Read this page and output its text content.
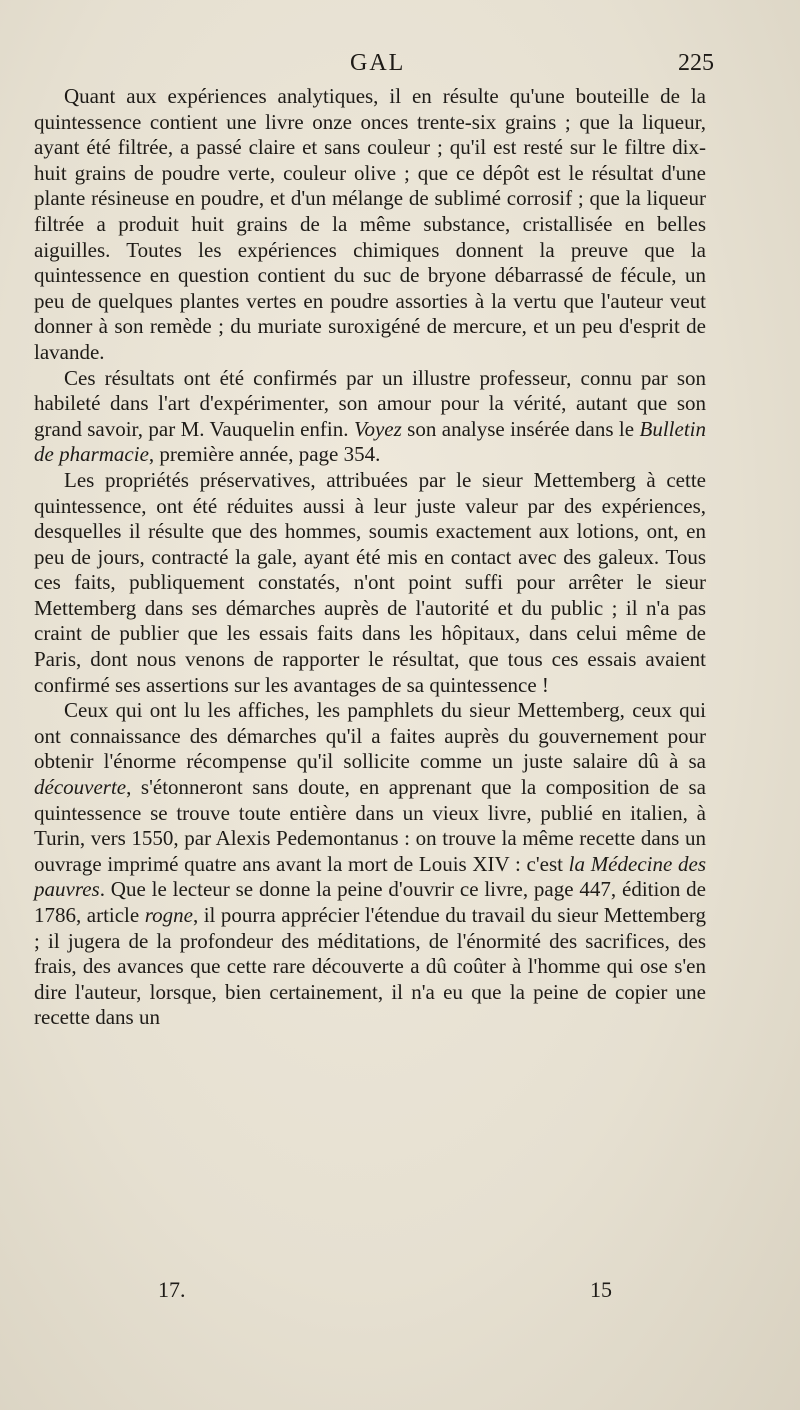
GAL	225

Quant aux expériences analytiques, il en résulte qu'une bouteille de la quintessence contient une livre onze onces trente-six grains ; que la liqueur, ayant été filtrée, a passé claire et sans couleur ; qu'il est resté sur le filtre dix-huit grains de poudre verte, couleur olive ; que ce dépôt est le résultat d'une plante résineuse en poudre, et d'un mélange de sublimé corrosif ; que la liqueur filtrée a produit huit grains de la même substance, cristallisée en belles aiguilles. Toutes les expériences chimiques donnent la preuve que la quintessence en question contient du suc de bryone débarrassé de fécule, un peu de quelques plantes vertes en poudre assorties à la vertu que l'auteur veut donner à son remède ; du muriate suroxigéné de mercure, et un peu d'esprit de lavande.

Ces résultats ont été confirmés par un illustre professeur, connu par son habileté dans l'art d'expérimenter, son amour pour la vérité, autant que son grand savoir, par M. Vauquelin enfin. Voyez son analyse insérée dans le Bulletin de pharmacie, première année, page 354.

Les propriétés préservatives, attribuées par le sieur Mettemberg à cette quintessence, ont été réduites aussi à leur juste valeur par des expériences, desquelles il résulte que des hommes, soumis exactement aux lotions, ont, en peu de jours, contracté la gale, ayant été mis en contact avec des galeux. Tous ces faits, publiquement constatés, n'ont point suffi pour arrêter le sieur Mettemberg dans ses démarches auprès de l'autorité et du public ; il n'a pas craint de publier que les essais faits dans les hôpitaux, dans celui même de Paris, dont nous venons de rapporter le résultat, que tous ces essais avaient confirmé ses assertions sur les avantages de sa quintessence !

Ceux qui ont lu les affiches, les pamphlets du sieur Mettemberg, ceux qui ont connaissance des démarches qu'il a faites auprès du gouvernement pour obtenir l'énorme récompense qu'il sollicite comme un juste salaire dû à sa découverte, s'étonneront sans doute, en apprenant que la composition de sa quintessence se trouve toute entière dans un vieux livre, publié en italien, à Turin, vers 1550, par Alexis Pedemontanus : on trouve la même recette dans un ouvrage imprimé quatre ans avant la mort de Louis XIV : c'est la Médecine des pauvres. Que le lecteur se donne la peine d'ouvrir ce livre, page 447, édition de 1786, article rogne, il pourra apprécier l'étendue du travail du sieur Mettemberg ; il jugera de la profondeur des méditations, de l'énormité des sacrifices, des frais, des avances que cette rare découverte a dû coûter à l'homme qui ose s'en dire l'auteur, lorsque, bien certainement, il n'a eu que la peine de copier une recette dans un

17.	15
